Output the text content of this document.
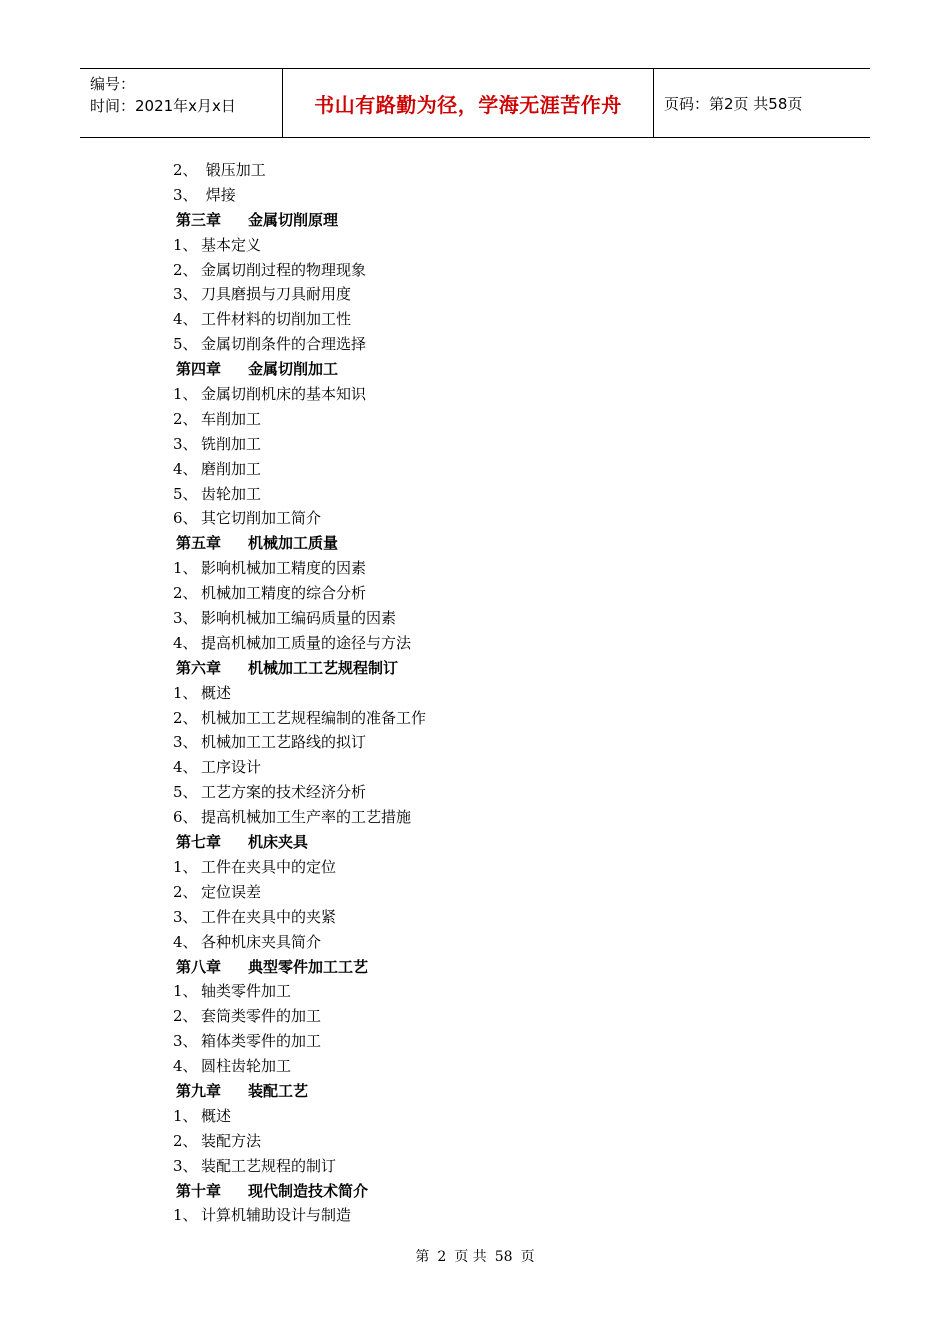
编号：
时间：2021年x月x日	书山有路勤为径，学海无涯苦作舟	页码：第2页 共58页
2、 锻压加工
3、 焊接
第三章 金属切削原理
1、 基本定义
2、 金属切削过程的物理现象
3、 刀具磨损与刀具耐用度
4、 工件材料的切削加工性
5、 金属切削条件的合理选择
第四章 金属切削加工
1、 金属切削机床的基本知识
2、 车削加工
3、 铣削加工
4、 磨削加工
5、 齿轮加工
6、 其它切削加工简介
第五章 机械加工质量
1、 影响机械加工精度的因素
2、 机械加工精度的综合分析
3、 影响机械加工编码质量的因素
4、 提高机械加工质量的途径与方法
第六章 机械加工工艺规程制订
1、 概述
2、 机械加工工艺规程编制的准备工作
3、 机械加工工艺路线的拟订
4、 工序设计
5、 工艺方案的技术经济分析
6、 提高机械加工生产率的工艺措施
第七章 机床夹具
1、 工件在夹具中的定位
2、 定位误差
3、 工件在夹具中的夹紧
4、 各种机床夹具简介
第八章 典型零件加工工艺
1、 轴类零件加工
2、 套筒类零件的加工
3、 箱体类零件的加工
4、 圆柱齿轮加工
第九章 装配工艺
1、 概述
2、 装配方法
3、 装配工艺规程的制订
第十章 现代制造技术简介
1、 计算机辅助设计与制造
第 2 页 共 58 页
